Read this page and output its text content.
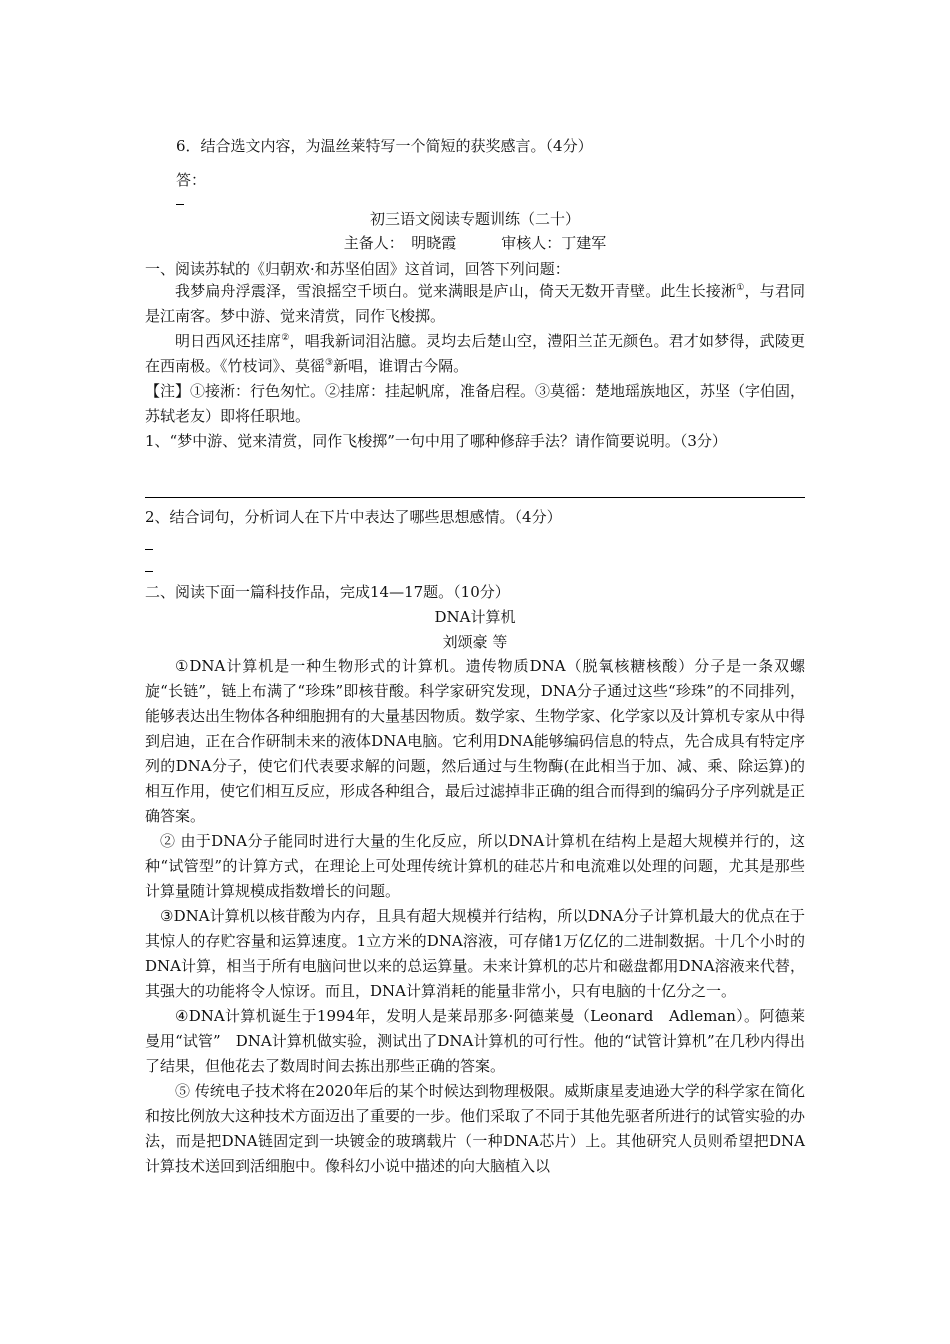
6．结合选文内容，为温丝莱特写一个简短的获奖感言。（4分）
答：
初三语文阅读专题训练（二十）
主备人：　明晓霞　　　审核人：丁建军
一、阅读苏轼的《归朝欢·和苏坚伯固》这首词，回答下列问题：

我梦扁舟浮震泽，雪浪摇空千顷白。觉来满眼是庐山，倚天无数开青壁。此生长接淅①，与君同是江南客。梦中游、觉来清赏，同作飞梭掷。

明日西风还挂席②，唱我新词泪沾臆。灵均去后楚山空，澧阳兰芷无颜色。君才如梦得，武陵更在西南极。《竹枝词》、莫徭③新唱，谁谓古今隔。

【注】①接淅：行色匆忙。②挂席：挂起帆席，准备启程。③莫徭：楚地瑶族地区，苏坚（字伯固，苏轼老友）即将任职地。

1、“梦中游、觉来清赏，同作飞梭掷”一句中用了哪种修辞手法？请作简要说明。（3分）

2、结合词句，分析词人在下片中表达了哪些思想感情。（4分）
二、阅读下面一篇科技作品，完成14—17题。（10分）
DNA计算机
刘颂豪 等

①DNA计算机是一种生物形式的计算机。遗传物质DNA（脱氧核糖核酸）分子是一条双螺旋“长链”，链上布满了“珍珠”即核苷酸。科学家研究发现，DNA分子通过这些“珍珠”的不同排列，能够表达出生物体各种细胞拥有的大量基因物质。数学家、生物学家、化学家以及计算机专家从中得到启迪，正在合作研制未来的液体DNA电脑。它利用DNA能够编码信息的特点，先合成具有特定序列的DNA分子，使它们代表要求解的问题，然后通过与生物酶(在此相当于加、减、乘、除运算)的相互作用，使它们相互反应，形成各种组合，最后过滤掉非正确的组合而得到的编码分子序列就是正确答案。

② 由于DNA分子能同时进行大量的生化反应，所以DNA计算机在结构上是超大规模并行的，这种“试管型”的计算方式，在理论上可处理传统计算机的硅芯片和电流难以处理的问题，尤其是那些计算量随计算规模成指数增长的问题。

③DNA计算机以核苷酸为内存，且具有超大规模并行结构，所以DNA分子计算机最大的优点在于其惊人的存贮容量和运算速度。1立方米的DNA溶液，可存储1万亿亿的二进制数据。十几个小时的DNA计算，相当于所有电脑问世以来的总运算量。未来计算机的芯片和磁盘都用DNA溶液来代替，其强大的功能将令人惊讶。而且，DNA计算消耗的能量非常小，只有电脑的十亿分之一。

④DNA计算机诞生于1994年，发明人是莱昂那多·阿德莱曼（Leonard　Adleman）。阿德莱曼用“试管”　DNA计算机做实验，测试出了DNA计算机的可行性。他的“试管计算机”在几秒内得出了结果，但他花去了数周时间去拣出那些正确的答案。

⑤ 传统电子技术将在2020年后的某个时候达到物理极限。威斯康星麦迪逊大学的科学家在简化和按比例放大这种技术方面迈出了重要的一步。他们采取了不同于其他先驱者所进行的试管实验的办法，而是把DNA链固定到一块镀金的玻璃载片（一种DNA芯片）上。其他研究人员则希望把DNA计算技术送回到活细胞中。像科幻小说中描述的向大脑植入以
